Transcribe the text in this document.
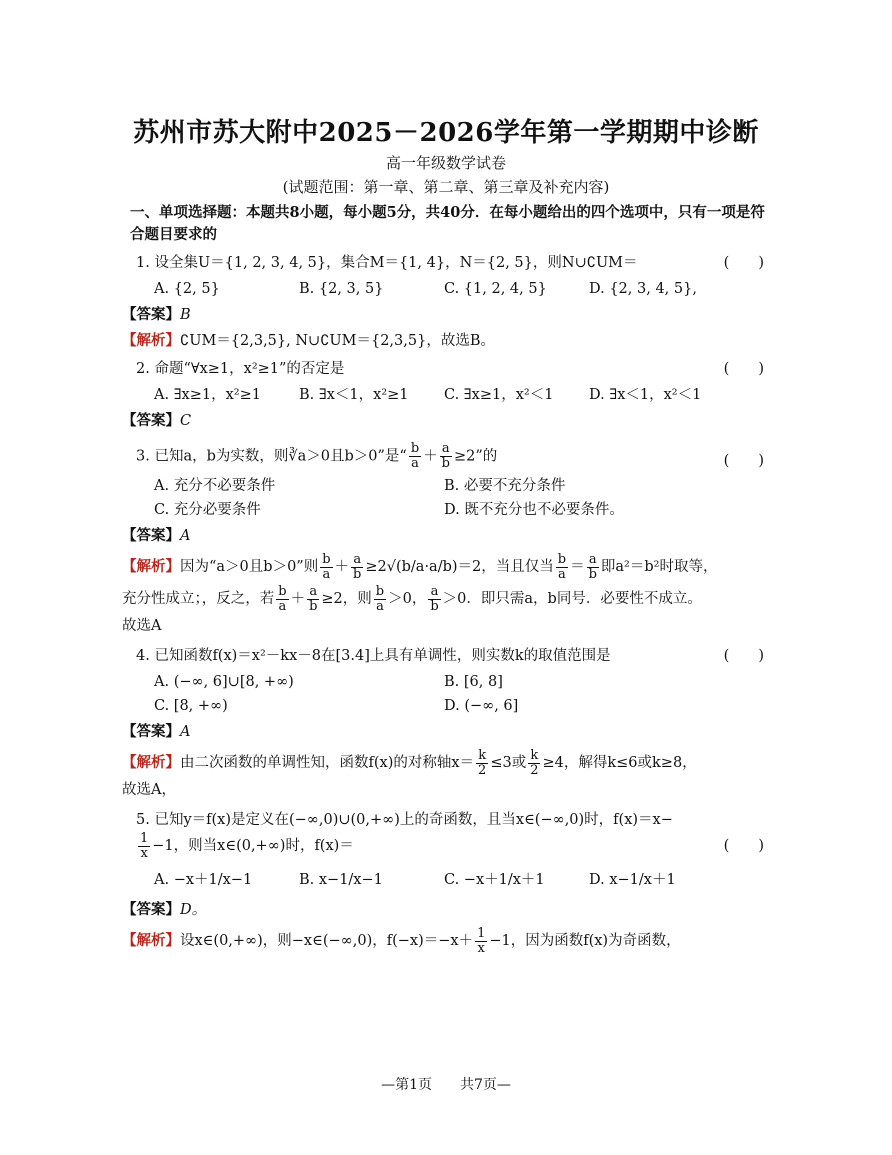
苏州市苏大附中2025－2026学年第一学期期中诊断
高一年级数学试卷
(试题范围：第一章、第二章、第三章及补充内容)
一、单项选择题：本题共8小题，每小题5分，共40分．在每小题给出的四个选项中，只有一项是符合题目要求的
1. 设全集U＝{1, 2, 3, 4, 5}，集合M＝{1, 4}，N＝{2, 5}，则N∪∁UM＝	(　　)
A. {2, 5}	B. {2, 3, 5}	C. {1, 2, 4, 5}	D. {2, 3, 4, 5},
【答案】B
【解析】∁UM＝{2,3,5}, N∪∁UM＝{2,3,5}，故选B。
2. 命题“∀x≥1，x²≥1”的否定是	(　　)
A. ∃x≥1，x²≥1	B. ∃x＜1，x²≥1	C. ∃x≥1，x²＜1	D. ∃x＜1，x²＜1
【答案】C
3. 已知a，b为实数，则∛a＞0且b＞0”是“ $\frac{b}{a} + \frac{a}{b} \ge 2$”的	(　　)
A. 充分不必要条件	B. 必要不充分条件
C. 充分必要条件	D. 既不充分也不必要条件。
【答案】A
【解析】因为“a＞0且b＞0”则 $\frac{b}{a} + \frac{a}{b} \ge 2√(b/a\cdot a/b)=2$，当且仅当 $\frac{b}{a} = \frac{a}{b}$ 即a²＝b²时取等，
充分性成立；，反之，若 $\frac{b}{a} + \frac{a}{b} \ge 2$，则 $\frac{b}{a} >0$， $\frac{a}{b} >0$．即只需a，b同号．必要性不成立。
故选A
4. 已知函数f(x)＝x²－kx－8在[3.4]上具有单调性，则实数k的取值范围是	(　　)
A. (−∞, 6]∪[8, +∞)	B. [6, 8]
C. [8, +∞)	D. (−∞, 6]
【答案】A
【解析】由二次函数的单调性知，函数f(x)的对称轴$x= \frac{k}{2} \le 3$或 $\frac{k}{2} \ge 4$，解得k≤6或k≥8，
故选A，
5. 已知y＝f(x)是定义在(−∞,0)∪(0,+∞)上的奇函数，且当x∈(−∞,0)时，f(x)＝x−
$\frac{1}{x} -1$，则当x∈(0,+∞)时，f(x)＝	(　　)
A. −x＋1/x−1	B. x−1/x−1	C. −x＋1/x＋1	D. x−1/x＋1
【答案】D。
【解析】设x∈(0,+∞)，则−x∈(−∞,0)，$f(-x)=-x+ \frac{1}{x} -1$，因为函数f(x)为奇函数，
—第1页　　共7页—
